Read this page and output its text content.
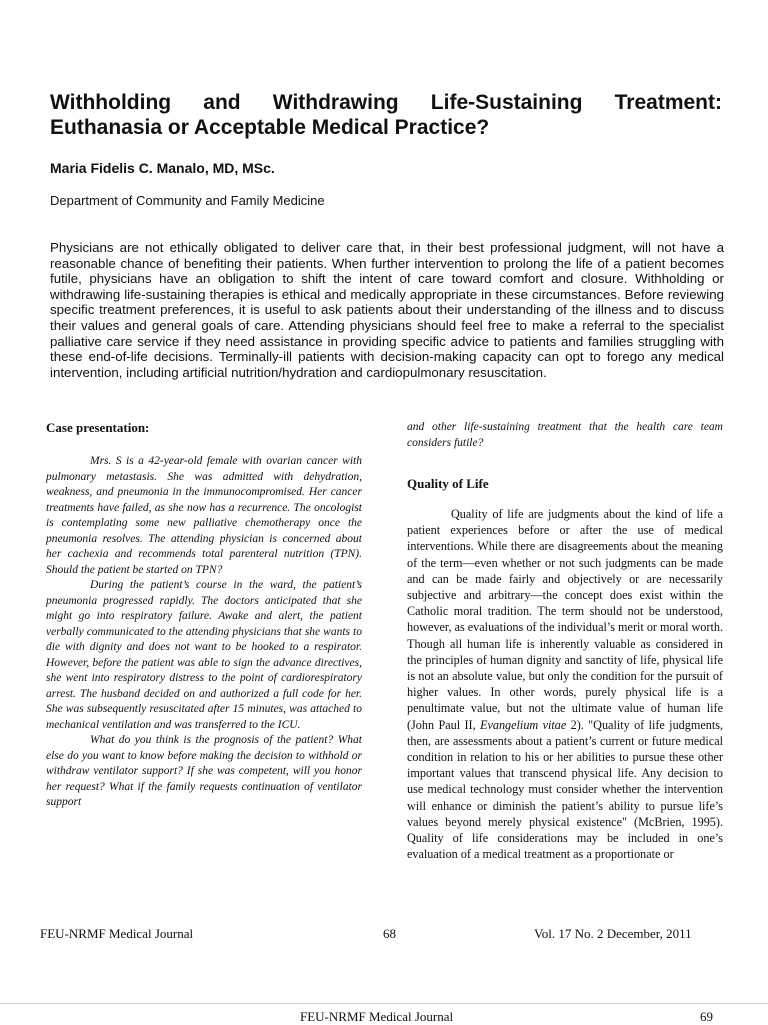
Withholding and Withdrawing Life-Sustaining Treatment: Euthanasia or Acceptable Medical Practice?
Maria Fidelis C. Manalo, MD, MSc.
Department of Community and Family Medicine

Physicians are not ethically obligated to deliver care that, in their best professional judgment, will not have a reasonable chance of benefiting their patients. When further intervention to prolong the life of a patient becomes futile, physicians have an obligation to shift the intent of care toward comfort and closure. Withholding or withdrawing life-sustaining therapies is ethical and medically appropriate in these circumstances. Before reviewing specific treatment preferences, it is useful to ask patients about their understanding of the illness and to discuss their values and general goals of care. Attending physicians should feel free to make a referral to the specialist palliative care service if they need assistance in providing specific advice to patients and families struggling with these end-of-life decisions. Terminally-ill patients with decision-making capacity can opt to forego any medical intervention, including artificial nutrition/hydration and cardiopulmonary resuscitation.

Case presentation:

Mrs. S is a 42-year-old female with ovarian cancer with pulmonary metastasis. She was admitted with dehydration, weakness, and pneumonia in the immunocompromised. Her cancer treatments have failed, as she now has a recurrence. The oncologist is contemplating some new palliative chemotherapy once the pneumonia resolves. The attending physician is concerned about her cachexia and recommends total parenteral nutrition (TPN). Should the patient be started on TPN?

During the patient’s course in the ward, the patient’s pneumonia progressed rapidly. The doctors anticipated that she might go into respiratory failure. Awake and alert, the patient verbally communicated to the attending physicians that she wants to die with dignity and does not want to be hooked to a respirator. However, before the patient was able to sign the advance directives, she went into respiratory distress to the point of cardiorespiratory arrest. The husband decided on and authorized a full code for her. She was subsequently resuscitated after 15 minutes, was attached to mechanical ventilation and was transferred to the ICU.

What do you think is the prognosis of the patient? What else do you want to know before making the decision to withhold or withdraw ventilator support? If she was competent, will you honor her request? What if the family requests continuation of ventilator support

and other life-sustaining treatment that the health care team considers futile?

Quality of Life

Quality of life are judgments about the kind of life a patient experiences before or after the use of medical interventions. While there are disagreements about the meaning of the term—even whether or not such judgments can be made and can be made fairly and objectively or are necessarily subjective and arbitrary—the concept does exist within the Catholic moral tradition. The term should not be understood, however, as evaluations of the individual’s merit or moral worth. Though all human life is inherently valuable as considered in the principles of human dignity and sanctity of life, physical life is not an absolute value, but only the condition for the pursuit of higher values. In other words, purely physical life is a penultimate value, but not the ultimate value of human life (John Paul II, Evangelium vitae 2). "Quality of life judgments, then, are assessments about a patient’s current or future medical condition in relation to his or her abilities to pursue these other important values that transcend physical life. Any decision to use medical technology must consider whether the intervention will enhance or diminish the patient’s ability to pursue life’s values beyond merely physical existence" (McBrien, 1995). Quality of life considerations may be included in one’s evaluation of a medical treatment as a proportionate or

FEU-NRMF Medical Journal	68	Vol. 17 No. 2 December, 2011
FEU-NRMF Medical Journal	69
